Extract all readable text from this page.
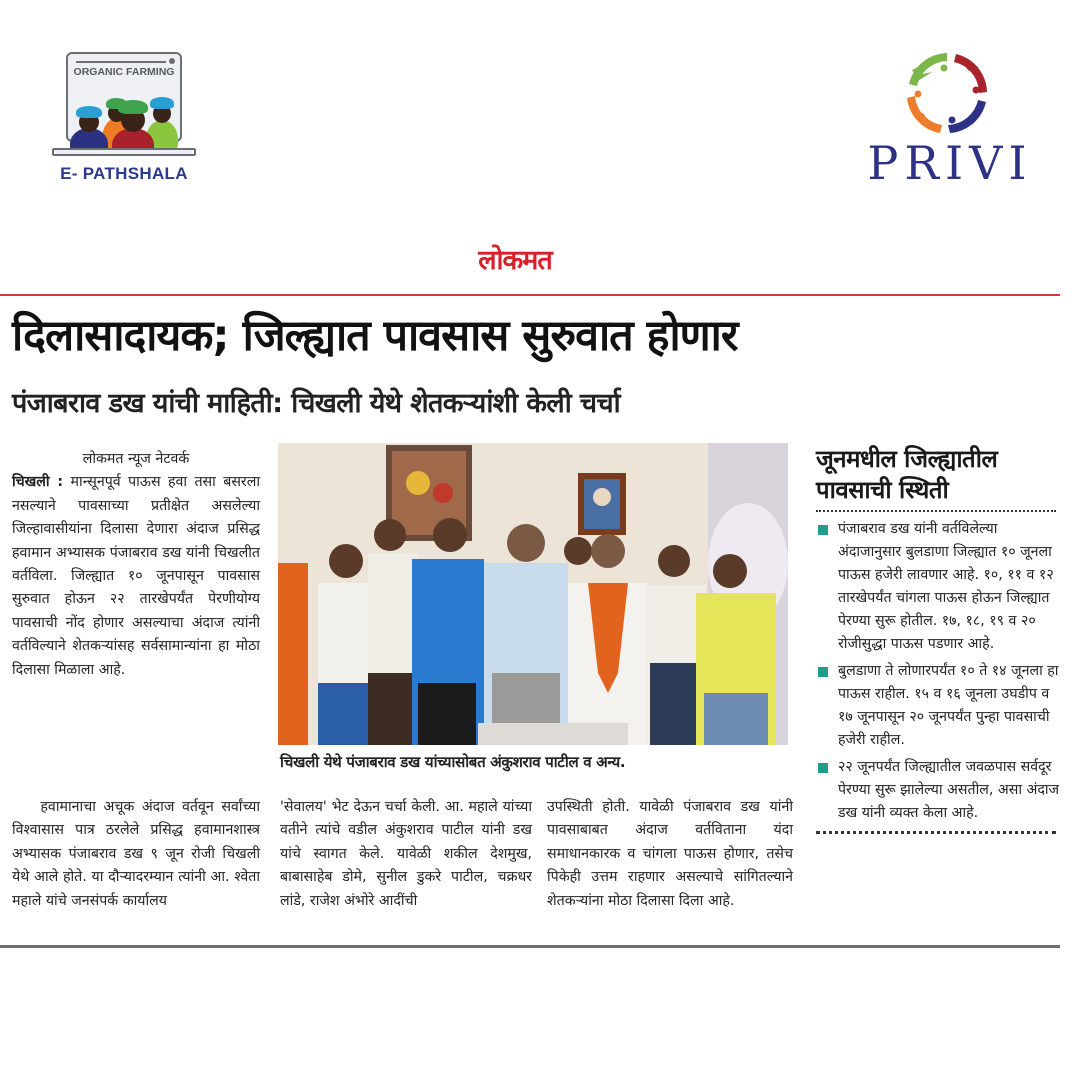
ORGANIC FARMING
E- PATHSHALA	PRIVI
लोकमत
दिलासादायक; जिल्ह्यात पावसास सुरुवात होणार
पंजाबराव डख यांची माहिती: चिखली येथे शेतकऱ्यांशी केली चर्चा
लोकमत न्यूज नेटवर्क

चिखली : मान्सूनपूर्व पाऊस हवा तसा बसरला नसल्याने पावसाच्या प्रतीक्षेत असलेल्या जिल्हावासीयांना दिलासा देणारा अंदाज प्रसिद्ध हवामान अभ्यासक पंजाबराव डख यांनी चिखलीत वर्तविला. जिल्ह्यात १० जूनपासून पावसास सुरुवात होऊन २२ तारखेपर्यंत पेरणीयोग्य पावसाची नोंद होणार असल्याचा अंदाज त्यांनी वर्तविल्याने शेतकऱ्यांसह सर्वसामान्यांना हा मोठा दिलासा मिळाला आहे.

चिखली येथे पंजाबराव डख यांच्यासोबत अंकुशराव पाटील व अन्य.

हवामानाचा अचूक अंदाज वर्तवून सर्वांच्या विश्वासास पात्र ठरलेले प्रसिद्ध हवामानशास्त्र अभ्यासक पंजाबराव डख ९ जून रोजी चिखली येथे आले होते. या दौऱ्यादरम्यान त्यांनी आ. श्वेता महाले यांचे जनसंपर्क कार्यालय

'सेवालय' भेट देऊन चर्चा केली. आ. महाले यांच्या वतीने त्यांचे वडील अंकुशराव पाटील यांनी डख यांचे स्वागत केले. यावेळी शकील देशमुख, बाबासाहेब डोमे, सुनील डुकरे पाटील, चक्रधर लांडे, राजेश अंभोरे आदींची

उपस्थिती होती. यावेळी पंजाबराव डख यांनी पावसाबाबत अंदाज वर्तविताना यंदा समाधानकारक व चांगला पाऊस होणार, तसेच पिकेही उत्तम राहणार असल्याचे सांगितल्याने शेतकऱ्यांना मोठा दिलासा दिला आहे.

जूनमधील जिल्ह्यातील
पावसाची स्थिती
पंजाबराव डख यांनी वर्तविलेल्या अंदाजानुसार बुलडाणा जिल्ह्यात १० जूनला पाऊस हजेरी लावणार आहे. १०, ११ व १२ तारखेपर्यंत चांगला पाऊस होऊन जिल्ह्यात पेरण्या सुरू होतील. १७, १८, १९ व २० रोजीसुद्धा पाऊस पडणार आहे.
बुलडाणा ते लोणारपर्यंत १० ते १४ जूनला हा पाऊस राहील. १५ व १६ जूनला उघडीप व १७ जूनपासून २० जूनपर्यंत पुन्हा पावसाची हजेरी राहील.
२२ जूनपर्यंत जिल्ह्यातील जवळपास सर्वदूर पेरण्या सुरू झालेल्या असतील, असा अंदाज डख यांनी व्यक्त केला आहे.
